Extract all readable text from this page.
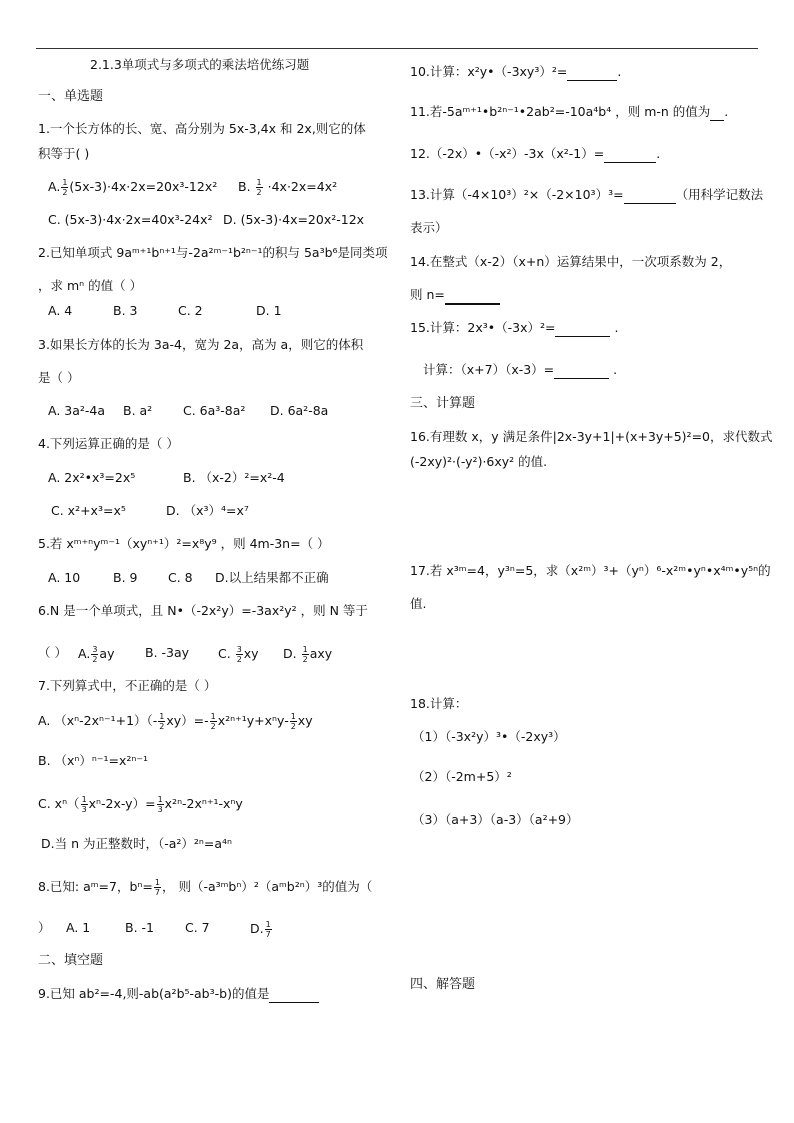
2.1.3单项式与多项式的乘法培优练习题
一、单选题
1.一个长方体的长、宽、高分别为 5x-3,4x 和 2x,则它的体
积等于( )
A. $\frac{1}{2} (5x-3)\cdot 4x\cdot 2x=20x^3-12x^2$ B. $\frac{1}{2} \cdot 4x\cdot 2x=4x^2$
C. (5x-3)·4x·2x=40x³-24x² D. (5x-3)·4x=20x²-12x
2.已知单项式 9aᵐ⁺¹bⁿ⁺¹与-2a²ᵐ⁻¹b²ⁿ⁻¹的积与 5a³b⁶是同类项
，求 mⁿ 的值（ ）
A. 4	B. 3	C. 2	D. 1
3.如果长方体的长为 3a-4，宽为 2a，高为 a，则它的体积
是（ ）
A. 3a²-4a B. a² C. 6a³-8a² D. 6a²-8a
4.下列运算正确的是（ ）
A. 2x²•x³=2x⁵	B. （x-2）²=x²-4
C. x²+x³=x⁵	D. （x³）⁴=x⁷
5.若 xᵐ⁺ⁿyᵐ⁻¹（xyⁿ⁺¹）²=x⁸y⁹ ，则 4m-3n=（ ）
A. 10	B. 9 C. 8 D.以上结果都不正确
6.N 是一个单项式，且 N•（-2x²y）=-3ax²y² ，则 N 等于
（ ） A. $\frac{3}{2}$ ay B. -3ay C. $\frac{3}{2}$ xy D. $\frac{1}{2}$ axy
7.下列算式中，不正确的是（ ）
A. $(x^n-2x^{n-1}+1)(- \frac{1}{2} xy)=- \frac{1}{2} x^{2n+1}y+x^ny- \frac{1}{2}$ xy
B. （xⁿ）ⁿ⁻¹=x²ⁿ⁻¹
C. $x^n( \frac{1}{3} x^n-2x-y)= \frac{1}{3} x^{2n}-2x^{n+1}-x^ny$
D.当 n 为正整数时，（-a²）²ⁿ=a⁴ⁿ
8.已知: aᵐ=7，$b^n= \frac{1}{7}$ ， 则（-a³ᵐbⁿ）²（aᵐb²ⁿ）³的值为（
） A. 1	B. -1 C. 7	D. $\frac{1}{7}$
二、填空题
9.已知 ab²=-4,则-ab(a²b⁵-ab³-b)的值是
10.计算：x²y•（-3xy³）²=	.
11.若-5aᵐ⁺¹•b²ⁿ⁻¹•2ab²=-10a⁴b⁴ ，则 m-n 的值为 .
12.（-2x）•（-x²）-3x（x²-1）=	.
13.计算（-4×10³）²×（-2×10³）³=	（用科学记数法
表示）
14.在整式（x-2）（x+n）运算结果中，一次项系数为 2，
则 n=
15.计算：2x³•（-3x）²=	.
计算：（x+7）（x-3）=	.
三、计算题
16.有理数 x，y 满足条件|2x-3y+1|+(x+3y+5)²=0，求代数式
(-2xy)²·(-y²)·6xy² 的值.
17.若 x³ᵐ=4，y³ⁿ=5，求（x²ᵐ）³+（yⁿ）⁶-x²ᵐ•yⁿ•x⁴ᵐ•y⁵ⁿ的
值.
18.计算：
（1）（-3x²y）³•（-2xy³）
（2）（-2m+5）²
（3）（a+3）（a-3）（a²+9）
四、解答题
